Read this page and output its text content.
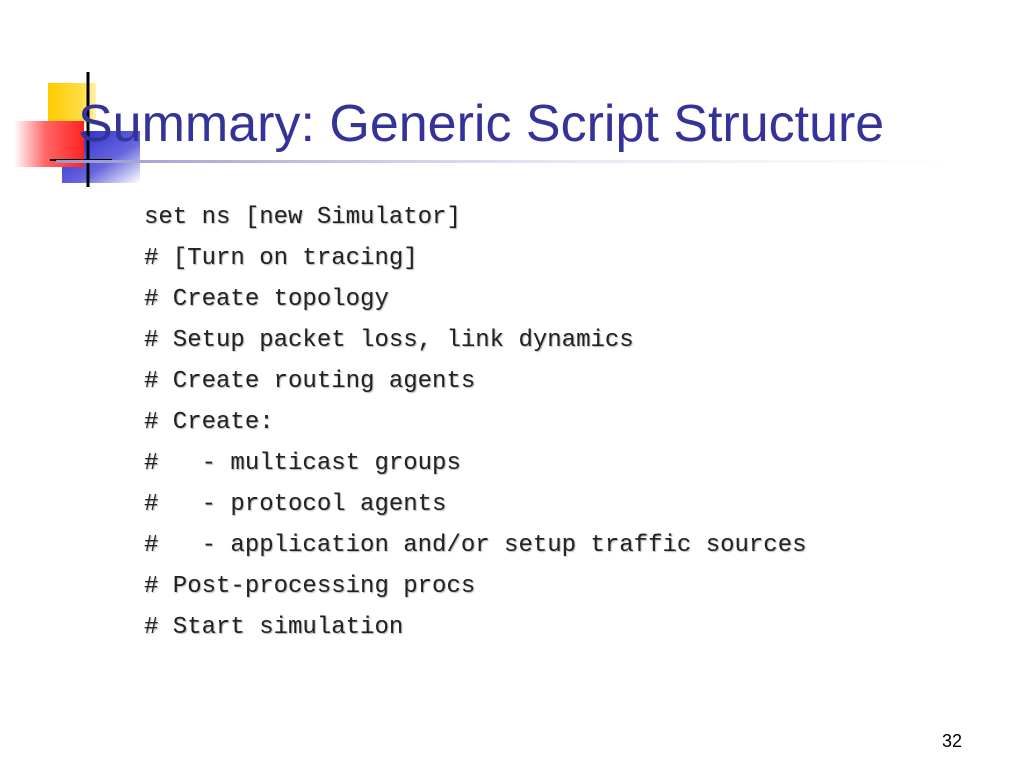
Summary: Generic Script Structure
set ns [new Simulator]
# [Turn on tracing]
# Create topology
# Setup packet loss, link dynamics
# Create routing agents
# Create:
#   - multicast groups
#   - protocol agents
#   - application and/or setup traffic sources
# Post-processing procs
# Start simulation
32
